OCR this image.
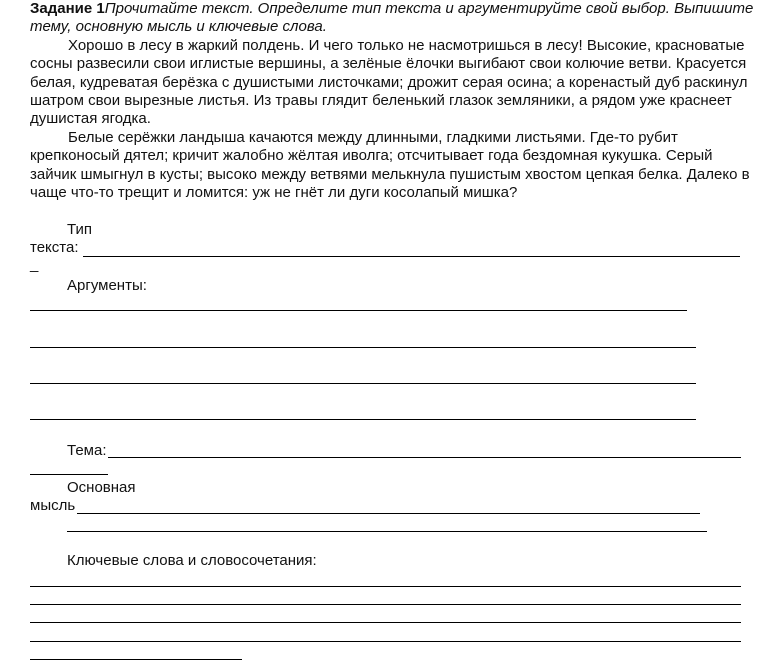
Задание 1Прочитайте текст. Определите тип текста и аргументируйте свой выбор. Выпишите тему, основную мысль и ключевые слова.
Хорошо в лесу в жаркий полдень. И чего только не насмотришься в лесу! Высокие, красноватые сосны развесили свои иглистые вершины, а зелёные ёлочки выгибают свои колючие ветви. Красуется белая, кудреватая берёзка с душистыми листочками; дрожит серая осина; а коренастый дуб раскинул шатром свои вырезные листья. Из травы глядит беленький глазок земляники, а рядом уже краснеет душистая ягодка.
Белые серёжки ландыша качаются между длинными, гладкими листьями. Где-то рубит крепконосый дятел; кричит жалобно жёлтая иволга; отсчитывает года бездомная кукушка. Серый зайчик шмыгнул в кусты; высоко между ветвями мелькнула пушистым хвостом цепкая белка. Далеко в чаще что-то трещит и ломится: уж не гнёт ли дуги косолапый мишка?
Тип
текста:
_
Аргументы:
Тема:
Основная
мысль
Ключевые слова и словосочетания:
